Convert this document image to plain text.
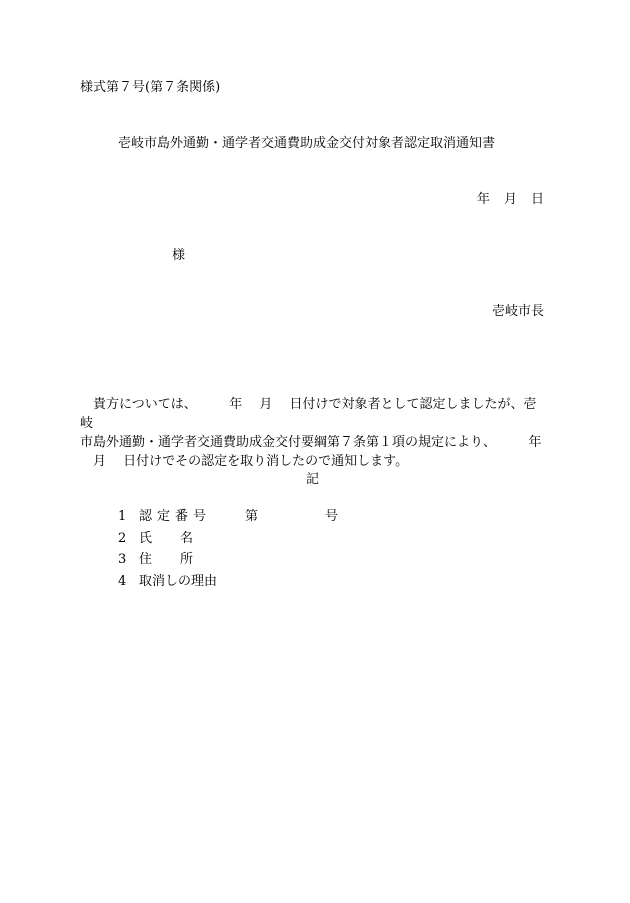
様式第７号(第７条関係)
壱岐市島外通勤・通学者交通費助成金交付対象者認定取消通知書
年 月 日
様
壱岐市長

貴方については、　　　年　 月　 日付けで対象者として認定しましたが、壱岐

市島外通勤・通学者交通費助成金交付要綱第７条第１項の規定により、　　　年

月　 日付けでその認定を取り消したので通知します。

記
1 認定番号	第	号
2 氏名
3 住所
4 取消しの理由
